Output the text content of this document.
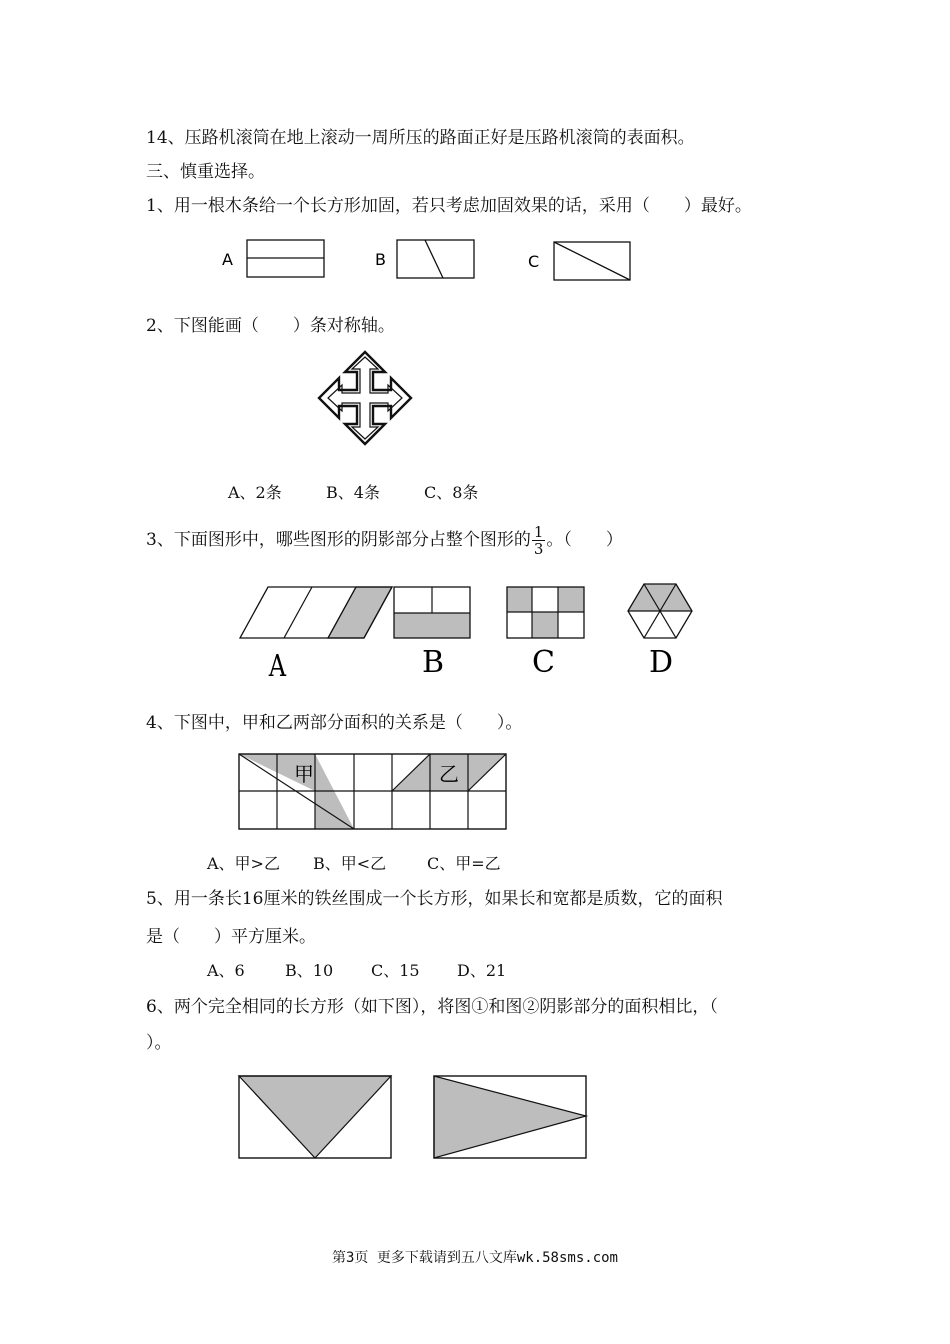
14、压路机滚筒在地上滚动一周所压的路面正好是压路机滚筒的表面积。
三、慎重选择。
1、用一根木条给一个长方形加固，若只考虑加固效果的话，采用（　　）最好。
A	B	C
2、下图能画（　　）条对称轴。
A、2条	B、4条	C、8条
3、下面图形中，哪些图形的阴影部分占整个图形的 $\frac{1}{3}$ 。（　　）
A	B	C	D
4、下图中，甲和乙两部分面积的关系是（　　）。
甲	乙
A、甲>乙 B、甲<乙	C、甲=乙
5、用一条长16厘米的铁丝围成一个长方形，如果长和宽都是质数，它的面积
是（　　）平方厘米。
A、6	B、10 C、15 D、21
6、两个完全相同的长方形（如下图），将图①和图②阴影部分的面积相比，（
）。
第3页 更多下载请到五八文库wk.58sms.com
